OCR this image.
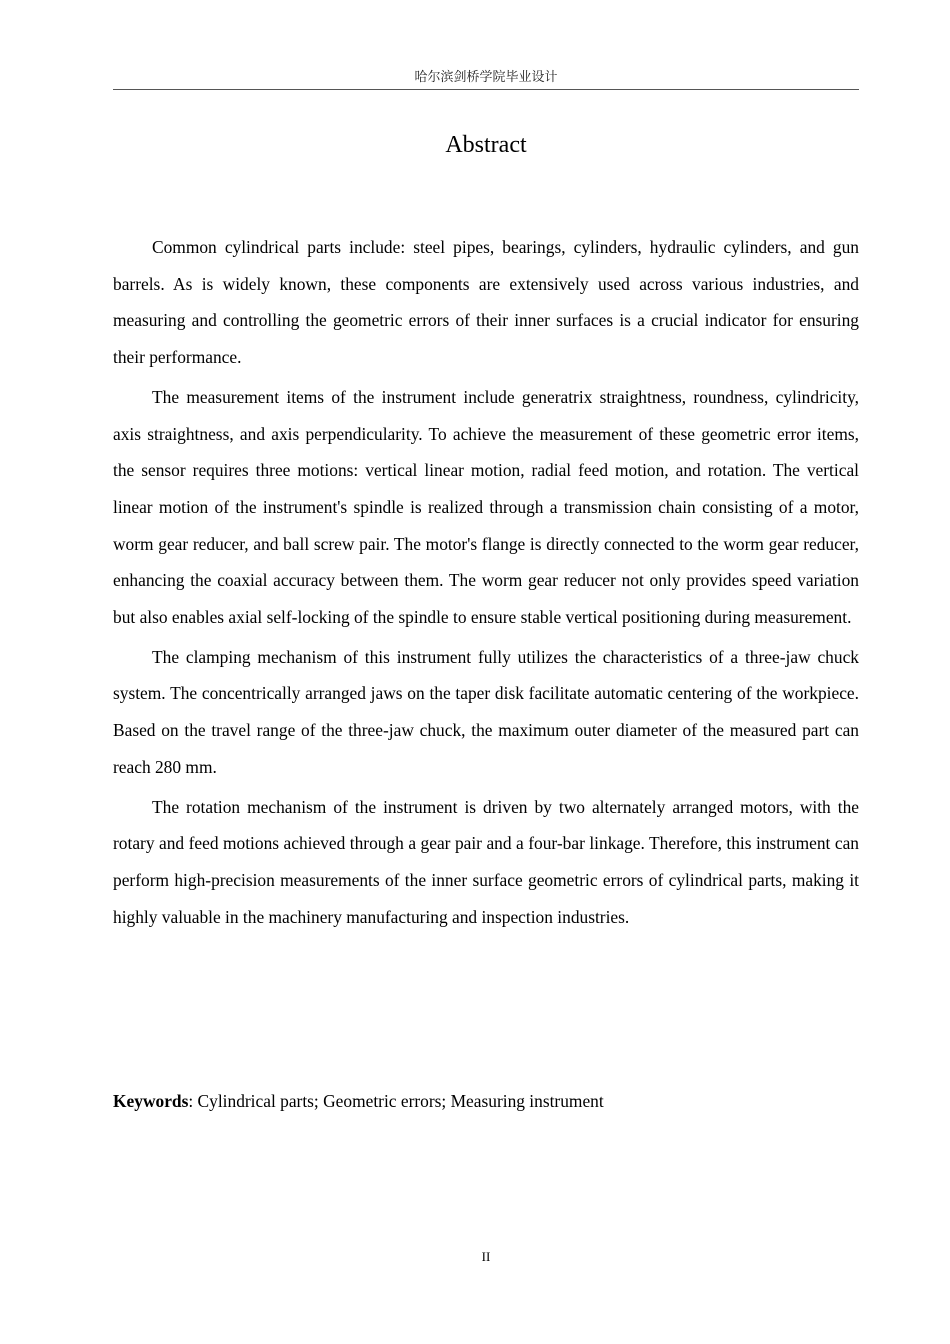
哈尔滨剑桥学院毕业设计
Abstract

Common cylindrical parts include: steel pipes, bearings, cylinders, hydraulic cylinders, and gun barrels. As is widely known, these components are extensively used across various industries, and measuring and controlling the geometric errors of their inner surfaces is a crucial indicator for ensuring their performance.

The measurement items of the instrument include generatrix straightness, roundness, cylindricity, axis straightness, and axis perpendicularity. To achieve the measurement of these geometric error items, the sensor requires three motions: vertical linear motion, radial feed motion, and rotation. The vertical linear motion of the instrument's spindle is realized through a transmission chain consisting of a motor, worm gear reducer, and ball screw pair. The motor's flange is directly connected to the worm gear reducer, enhancing the coaxial accuracy between them. The worm gear reducer not only provides speed variation but also enables axial self-locking of the spindle to ensure stable vertical positioning during measurement.

The clamping mechanism of this instrument fully utilizes the characteristics of a three-jaw chuck system. The concentrically arranged jaws on the taper disk facilitate automatic centering of the workpiece. Based on the travel range of the three-jaw chuck, the maximum outer diameter of the measured part can reach 280 mm.

The rotation mechanism of the instrument is driven by two alternately arranged motors, with the rotary and feed motions achieved through a gear pair and a four-bar linkage. Therefore, this instrument can perform high-precision measurements of the inner surface geometric errors of cylindrical parts, making it highly valuable in the machinery manufacturing and inspection industries.

Keywords: Cylindrical parts; Geometric errors; Measuring instrument
II
